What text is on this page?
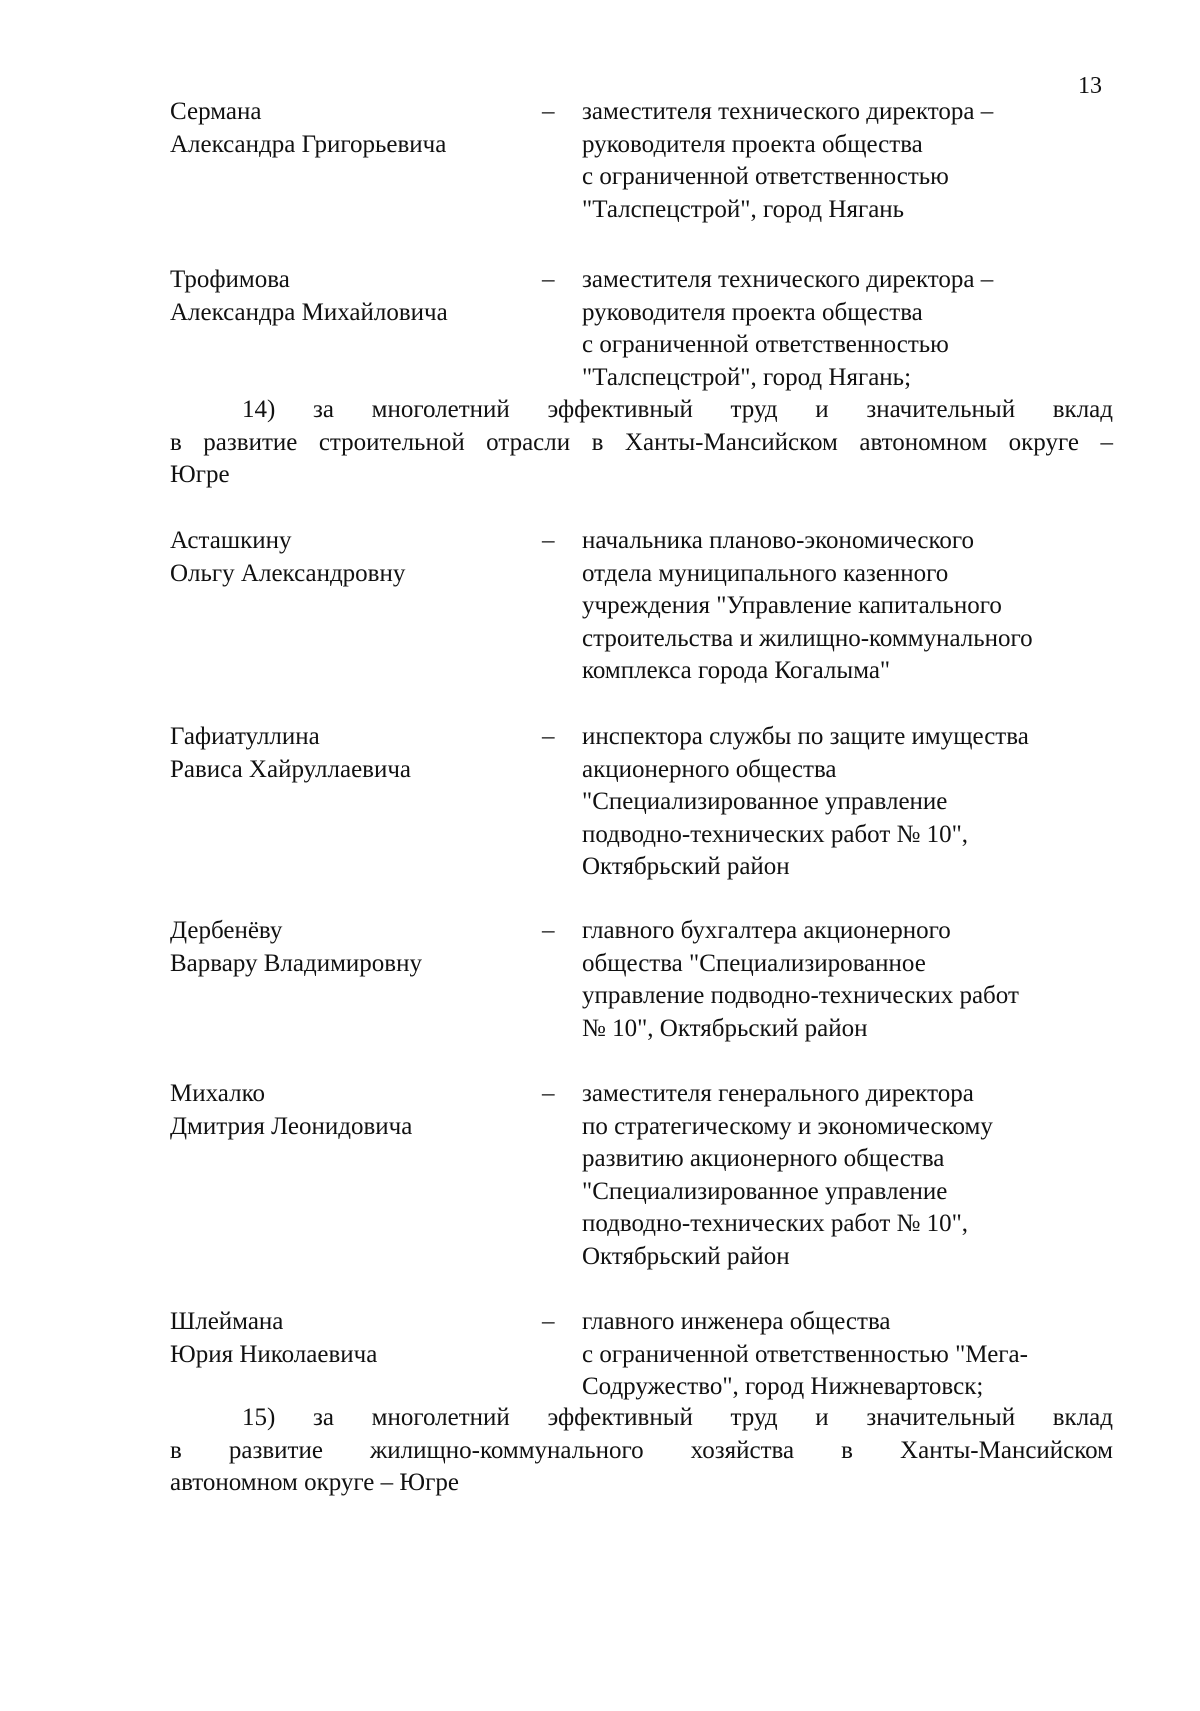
13
Сермана
Александра Григорьевича
– заместителя технического директора –
руководителя проекта общества
с ограниченной ответственностью
"Талспецстрой", город Нягань
Трофимова
Александра Михайловича
– заместителя технического директора –
руководителя проекта общества
с ограниченной ответственностью
"Талспецстрой", город Нягань;
14) за многолетний эффективный труд и значительный вклад
в развитие строительной отрасли в Ханты-Мансийском автономном округе –
Югре
Асташкину
Ольгу Александровну
– начальника планово-экономического
отдела муниципального казенного
учреждения "Управление капитального
строительства и жилищно-коммунального
комплекса города Когалыма"
Гафиатуллина
Рависа Хайруллаевича
– инспектора службы по защите имущества
акционерного общества
"Специализированное управление
подводно-технических работ № 10",
Октябрьский район
Дербенёву
Варвару Владимировну
– главного бухгалтера акционерного
общества "Специализированное
управление подводно-технических работ
№ 10", Октябрьский район
Михалко
Дмитрия Леонидовича
– заместителя генерального директора
по стратегическому и экономическому
развитию акционерного общества
"Специализированное управление
подводно-технических работ № 10",
Октябрьский район
Шлеймана
Юрия Николаевича
– главного инженера общества
с ограниченной ответственностью "Мега-
Содружество", город Нижневартовск;
15) за многолетний эффективный труд и значительный вклад
в развитие жилищно-коммунального хозяйства в Ханты-Мансийском
автономном округе – Югре
